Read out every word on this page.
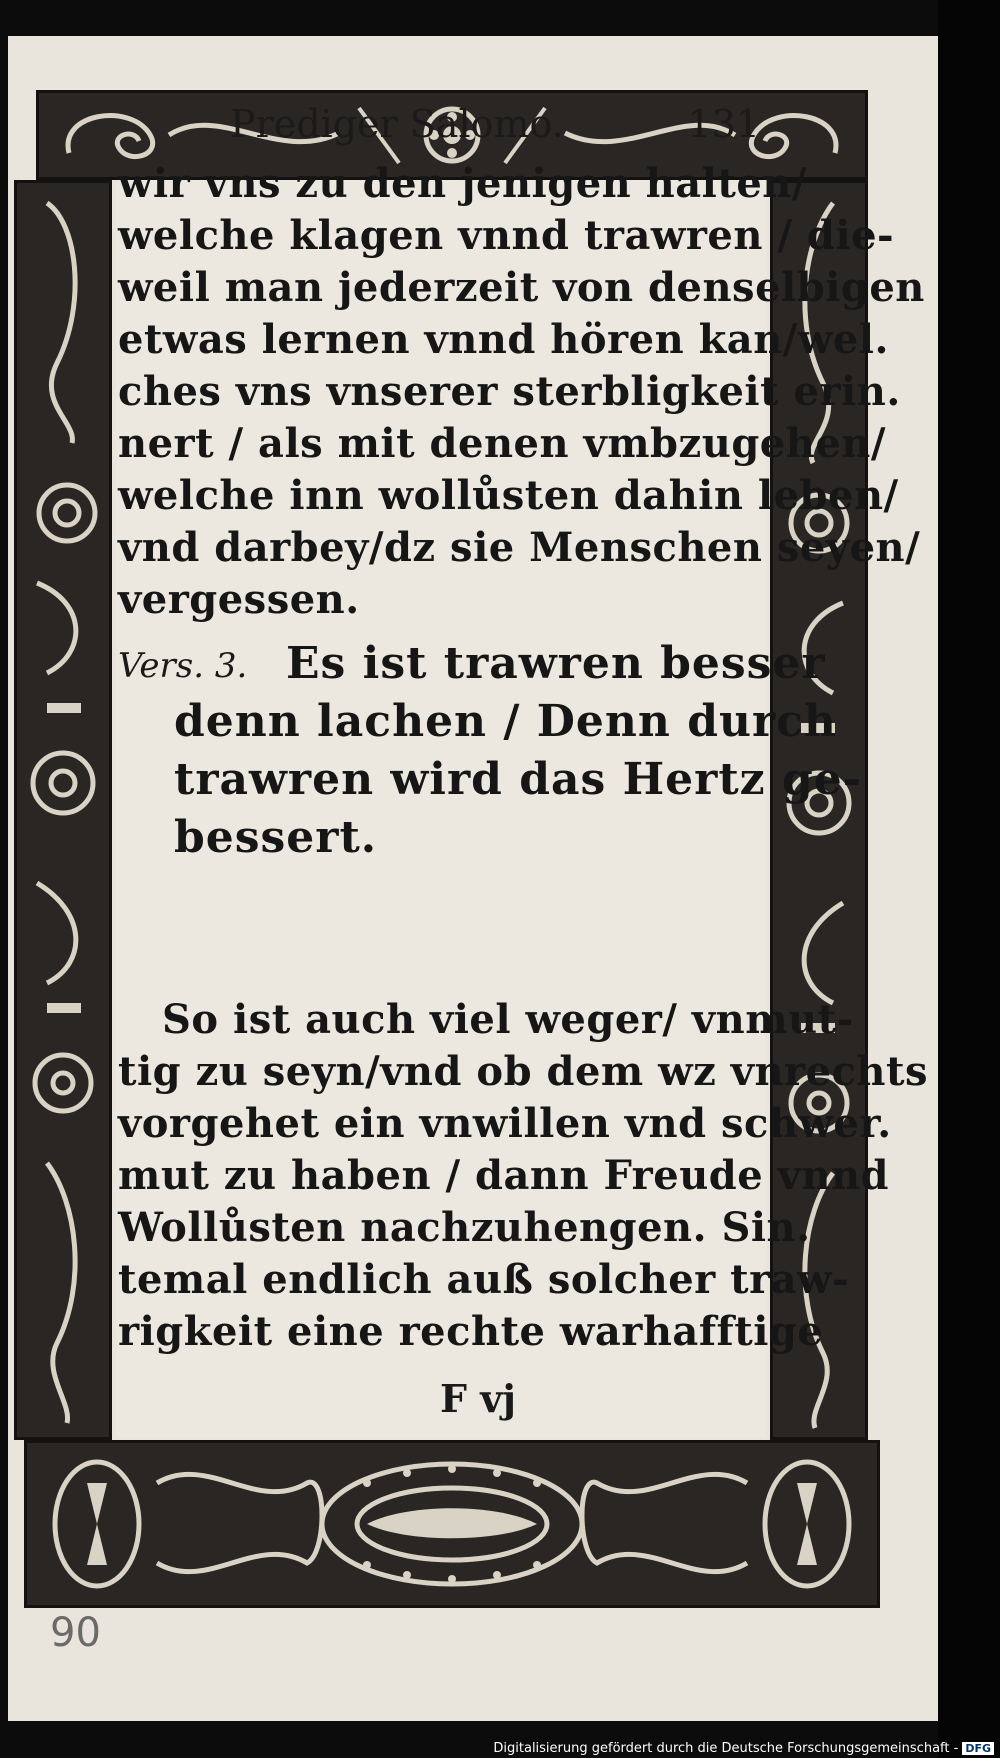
Prediger Salomo.	131
wir vns zu den jenigen halten/
welche klagen vnnd trawren / die-
weil man jederzeit von denselbigen
etwas lernen vnnd hören kan/wel.
ches vns vnserer sterbligkeit erin.
nert / als mit denen vmbzugehen/
welche inn wollůsten dahin leben/
vnd darbey/dz sie Menschen seyen/
vergessen.
Vers. 3. Es ist trawren besser
denn lachen / Denn durch
trawren wird das Hertz ge-
bessert.
So ist auch viel weger/ vnmut-
tig zu seyn/vnd ob dem wz vnrechts
vorgehet ein vnwillen vnd schwer.
mut zu haben / dann Freude vnnd
Wollůsten nachzuhengen. Sin.
temal endlich auß solcher traw-
rigkeit eine rechte warhafftige
F vj
90
Digitalisierung gefördert durch die Deutsche Forschungsgemeinschaft - DFG
